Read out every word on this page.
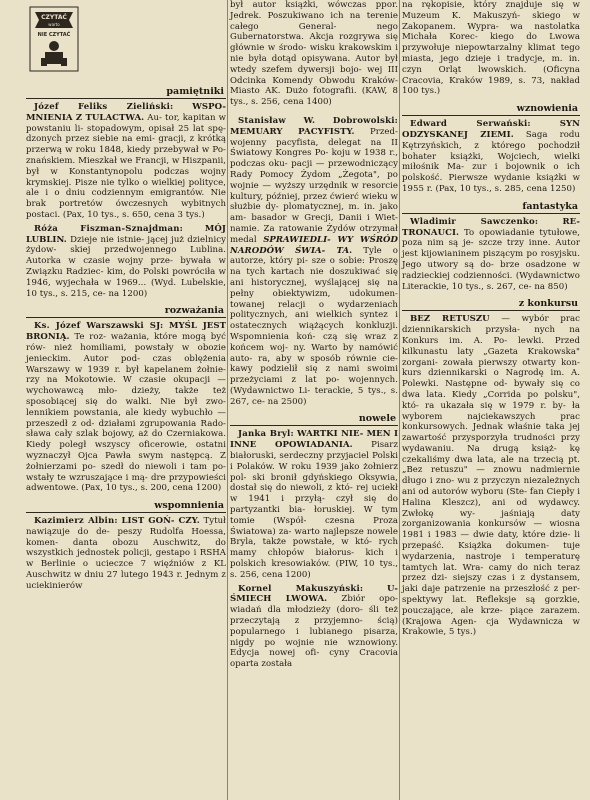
CZYTAĆ
warto
NIE CZYTAĆ
pamiętniki

Józef Feliks Zieliński: WSPO- MNIENIA Z TULACTWA. Au- tor, kapitan w powstaniu li- stopadowym, opisał 25 lat spę- dzonych przez siebie na emi- gracji, z krótką przerwą w roku 1848, kiedy przebywał w Po- znańskiem. Mieszkał we Francji, w Hiszpanii, był w Konstantynopolu podczas wojny krymskiej. Pisze nie tylko o wielkiej polityce, ale i o dniu codziennym emigrantów. Nie brak portretów ówczesnych wybitnych postaci. (Pax, 10 tys., s. 650, cena 3 tys.)

Róża Fiszman-Sznajdman:	MÓJ LUBLIN. Dzieje nie istnie- jącej już dzielnicy żydow- skiej przedwojennego Lublina. Autorka w czasie wojny prze- bywała w Związku Radziec- kim, do Polski powróciła w 1946, wyjechała w 1969... (Wyd. Lubelskie, 10 tys., s. 215, ce- na 1200)

rozważania

Ks. Józef Warszawski SJ: MYŚL JEST BRONIĄ. Te roz- ważania, które mogą być rów- nież homiliami, powstały w obozie jenieckim. Autor pod- czas oblężenia Warszawy w 1939 r. był kapelanem żołnie- rzy na Mokotowie. W czasie okupacji — wychowawcą mło- dzieży, także też sposobiącej się do walki. Nie był zwo- lennikiem powstania, ale kiedy wybuchło — przeszedł z od- działami zgrupowania Rado- sława cały szlak bojowy, aż do Czerniakowa. Kiedy poległ wszyscy oficerowie, ostatni wyznaczył Ojca Pawła swym następcą. Z żołnierzami po- szedł do niewoli i tam po- wstały te wzruszające i mą- dre przypowieści adwentowe. (Pax, 10 tys., s. 200, cena 1200)

wspomnienia

Kazimierz Albin: LIST GOŃ- CZY. Tytuł nawiązuje do de- peszy Rudolfa Hoessa, komen- danta obozu Auschwitz, do wszystkich jednostek policji, gestapo i RSHA w Berlinie o ucieczce 7 więźniów z KL Auschwitz w dniu 27 lutego 1943 r. Jednym z uciekinierów

był autor książki, wówczas ppor. Jedrek. Poszukiwano ich na terenie całego General- nego Gubernatorstwa. Akcja rozgrywa się głównie w środo- wisku krakowskim i nie była dotąd opisywana. Autor był wtedy szefem dywersji bojo- wej III Odcinka Komendy Obwodu Kraków-Miasto AK. Dużo fotografii. (KAW, 8 tys., s. 256, cena 1400)

Stanisław W. Dobrowolski: MEMUARY PACYFISTY. Przed- wojenny pacyfista, delegat na II Światowy Kongres Po- koju w 1938 r., podczas oku- pacji — przewodniczący Rady Pomocy Żydom „Żegota", po wojnie — wyższy urzędnik w resorcie kultury, później, przez ćwierć wieku w służbie dy- plomatycznej, m. in. jako am- basador w Grecji, Danii i Wiet- namie. Za ratowanie Żydów otrzymał medal SPRAWIEDLI- WY WŚRÓD NARODÓW ŚWIA- TA. Tyle o autorze, który pi- sze o sobie: Proszę na tych kartach nie doszukiwać się ani historycznej, wyślającej się na pełny obiektywizm, udokumen- towanej relacji o wydarzeniach politycznych, ani wielkich syntez i ostatecznych wiążących konkluzji. Wspomnienia koń- czą się wraz z końcem woj- ny. Warto by namówić auto- ra, aby w sposób równie cie- kawy podzielił się z nami swoimi przeżyciami z lat po- wojennych. (Wydawnictwo Li- terackie, 5 tys., s. 267, ce- na 2500)

nowele

Janka Bryl: WARTKI NIE- MEN I INNE OPOWIADANIA. Pisarz białoruski, serdeczny przyjaciel Polski i Polaków. W roku 1939 jako żołnierz pol- ski bronił gdyńskiego Oksywia, dostał się do niewoli, z któ- rej uciekł w 1941 i przyłą- czył się do partyzantki bia- łoruskiej. W tym tomie (Współ- czesna Proza Światowa) za- warto najlepsze nowele Bryla, także powstałe, w któ- rych mamy chłopów białorus- kich i polskich kresowiaków. (PIW, 10 tys., s. 256, cena 1200)

Kornel Makuszyński:	U- ŚMIECH LWOWA. Zbiór opo- wiadań dla młodzieży (doro- śli też przeczytają z przyjemno- ścią) popularnego i lubianego pisarza, nigdy po wojnie nie wznowiony. Edycja nowej ofi- cyny Cracovia oparta została

na rękopisie, który znajduje się w Muzeum K. Makuszyń- skiego w Zakopanem. Wypra- wa nastolatka Michała Korec- kiego do Lwowa przywołuje niepowtarzalny klimat tego miasta, jego dzieje i tradycje, m. in. czyn Orląt lwowskich. (Oficyna Cracovia, Kraków 1989, s. 73, nakład 100 tys.)

wznowienia

Edward Serwański:	SYN ODZYSKANEJ ZIEMI. Saga rodu Kętrzyńskich, z którego pochodził bohater książki, Wojciech, wielki miłośnik Ma- zur i bojownik o ich polskość. Pierwsze wydanie książki w 1955 r. (Pax, 10 tys., s. 285, cena 1250)

fantastyka

Wladimir Sawczenko:	RE- TRONAUCI. To opowiadanie tytułowe, poza nim są je- szcze trzy inne. Autor jest kijowianinem piszącym po rosyjsku. Jego utwory są do- brze osadzone w radzieckiej codzienności. (Wydawnictwo Literackie, 10 tys., s. 267, ce- na 850)

z konkursu

BEZ RETUSZU — wybór prac dziennikarskich przysła- nych na Konkurs im. A. Po- lewki. Przed kilkunastu laty „Gazeta Krakowska" zorgani- zowała pierwszy otwarty kon- kurs dziennikarski o Nagrodę im. A. Polewki. Następne od- bywały się co dwa lata. Kiedy „Corrida po polsku", któ- ra ukazała się w 1979 r. by- ła wyborem najciekawszych prac konkursowych. Jednak właśnie taka jej zawartość przysporzyła trudności przy wydawaniu. Na drugą książ- kę czekaliśmy dwa lata, ale na trzecią pt. „Bez retuszu" — znowu nadmiernie długo i zno- wu z przyczyn niezależnych ani od autorów wyboru (Ste- fan Ciepły i Halina Kleszcz), ani od wydawcy. Zwłokę wy- jaśniają daty zorganizowania konkursów — wiosna 1981 i 1983 — dwie daty, które dzie- li przepaść. Książka dokumen- tuje wydarzenia, nastroje i temperaturę tamtych lat. Wra- camy do nich teraz przez dzi- siejszy czas i z dystansem, jaki daje patrzenie na przeszłość z per- spektywy lat. Refleksje są gorzkie, pouczające, ale krze- piące zarazem. (Krajowa Agen- cja Wydawnicza w Krakowie, 5 tys.)
